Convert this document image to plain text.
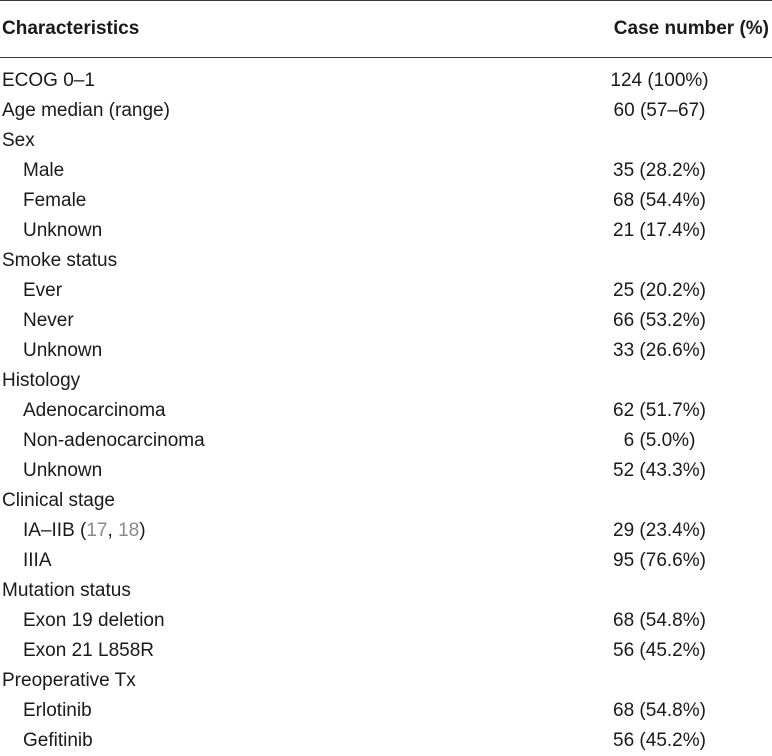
Characteristics	Case number (%)
ECOG 0–1	124 (100%)
Age median (range)	60 (57–67)
Sex
Male	35 (28.2%)
Female	68 (54.4%)
Unknown	21 (17.4%)
Smoke status
Ever	25 (20.2%)
Never	66 (53.2%)
Unknown	33 (26.6%)
Histology
Adenocarcinoma	62 (51.7%)
Non-adenocarcinoma	6 (5.0%)
Unknown	52 (43.3%)
Clinical stage
IA–IIB (17, 18)	29 (23.4%)
IIIA	95 (76.6%)
Mutation status
Exon 19 deletion	68 (54.8%)
Exon 21 L858R	56 (45.2%)
Preoperative Tx
Erlotinib	68 (54.8%)
Gefitinib	56 (45.2%)
